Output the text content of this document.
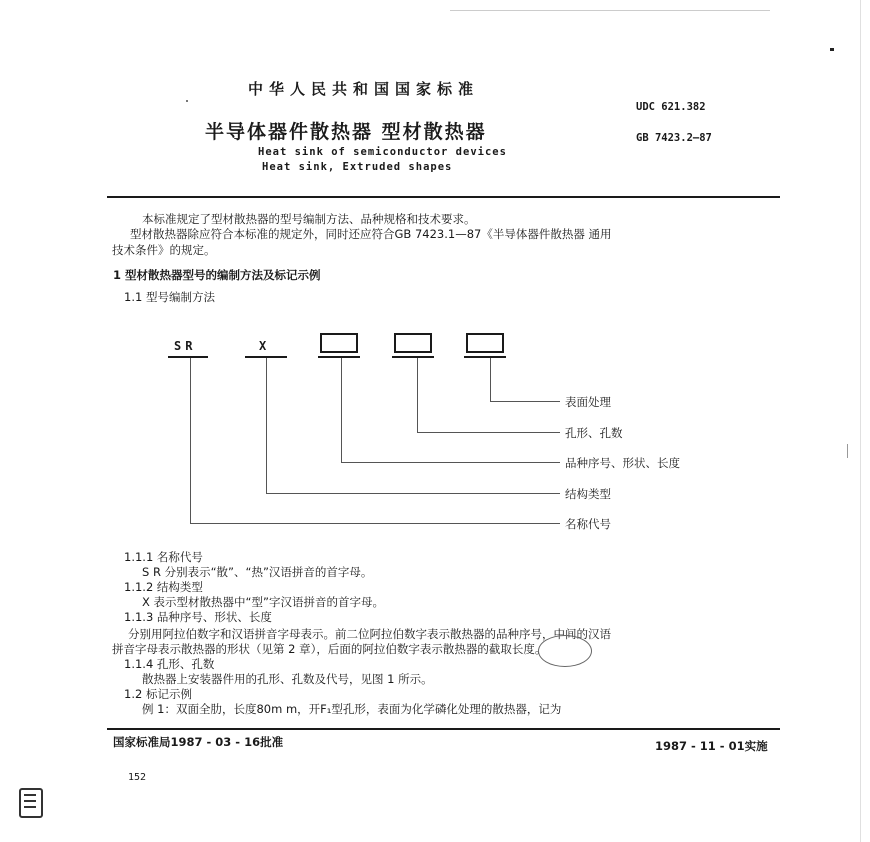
中华人民共和国国家标准
UDC 621.382
半导体器件散热器 型材散热器	GB 7423.2—87
Heat sink of semiconductor devices
Heat sink, Extruded shapes
本标准规定了型材散热器的型号编制方法、品种规格和技术要求。
型材散热器除应符合本标准的规定外，同时还应符合GB 7423.1—87《半导体器件散热器 通用
技术条件》的规定。
1 型材散热器型号的编制方法及标记示例
1.1 型号编制方法
SR	X
表面处理
孔形、孔数
品种序号、形状、长度
结构类型
名称代号
1.1.1 名称代号
S R 分别表示“散”、“热”汉语拼音的首字母。
1.1.2 结构类型
X 表示型材散热器中“型”字汉语拼音的首字母。
1.1.3 品种序号、形状、长度
分别用阿拉伯数字和汉语拼音字母表示。前二位阿拉伯数字表示散热器的品种序号，中间的汉语
拼音字母表示散热器的形状（见第 2 章），后面的阿拉伯数字表示散热器的截取长度。
1.1.4 孔形、孔数
散热器上安装器件用的孔形、孔数及代号，见图 1 所示。
1.2 标记示例
例 1：双面全肋，长度80m m，开F₁型孔形，表面为化学磷化处理的散热器，记为
国家标准局1987 - 03 - 16批准	1987 - 11 - 01实施
152
